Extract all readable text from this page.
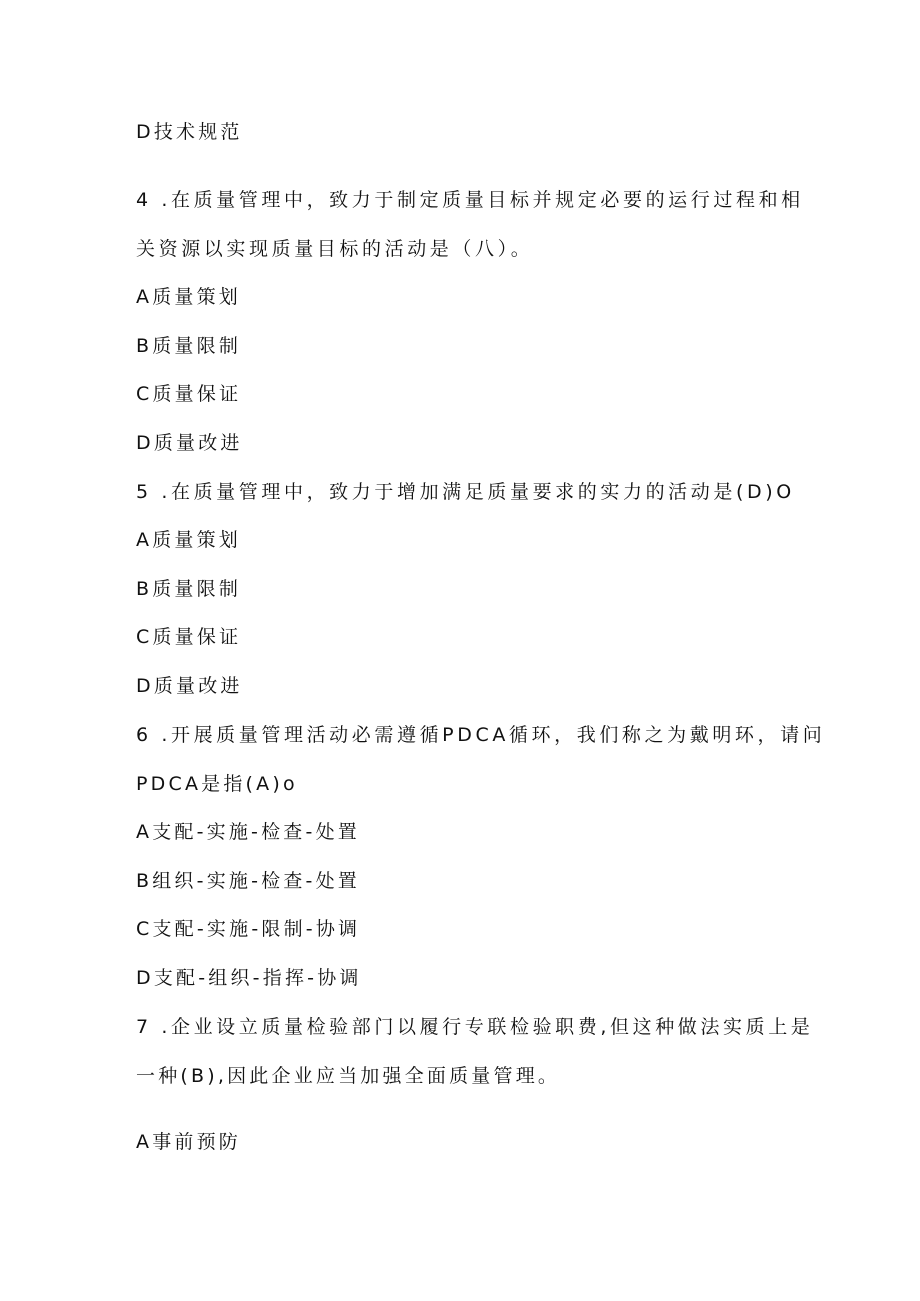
D技术规范
4 .在质量管理中，致力于制定质量目标并规定必要的运行过程和相
关资源以实现质量目标的活动是（八）。
A质量策划
B质量限制
C质量保证
D质量改进
5 .在质量管理中，致力于增加满足质量要求的实力的活动是(D)O
A质量策划
B质量限制
C质量保证
D质量改进
6 .开展质量管理活动必需遵循PDCA循环，我们称之为戴明环，请问
PDCA是指(A)o
A支配-实施-检查-处置
B组织-实施-检查-处置
C支配-实施-限制-协调
D支配-组织-指挥-协调
7 .企业设立质量检验部门以履行专联检验职费,但这种做法实质上是
一种(B),因此企业应当加强全面质量管理。
A事前预防
